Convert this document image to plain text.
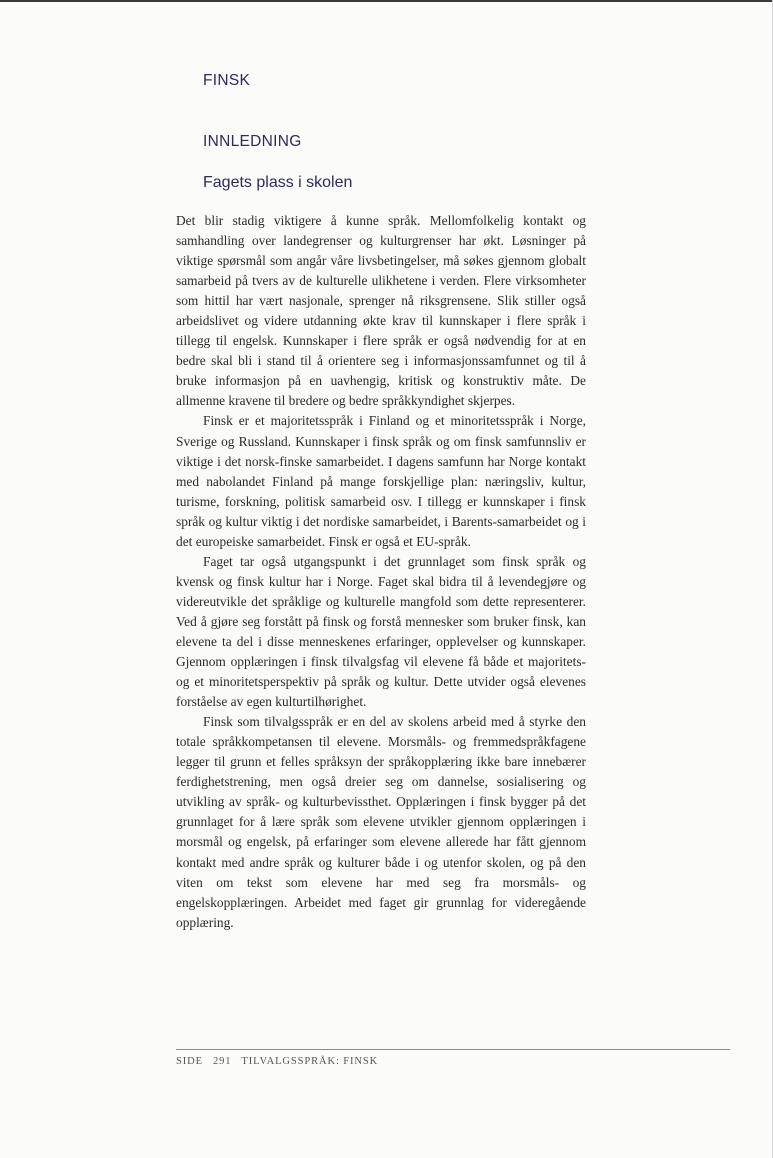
FINSK
INNLEDNING
Fagets plass i skolen

Det blir stadig viktigere å kunne språk. Mellomfolkelig kontakt og samhandling over landegrenser og kulturgrenser har økt. Løsninger på viktige spørsmål som angår våre livsbetingelser, må søkes gjennom globalt samarbeid på tvers av de kulturelle ulikhetene i verden. Flere virksomheter som hittil har vært nasjonale, sprenger nå riksgrensene. Slik stiller også arbeidslivet og videre utdanning økte krav til kunnskaper i flere språk i tillegg til engelsk. Kunnskaper i flere språk er også nødvendig for at en bedre skal bli i stand til å orientere seg i informasjonssamfunnet og til å bruke informasjon på en uavhengig, kritisk og konstruktiv måte. De allmenne kravene til bredere og bedre språkkyndighet skjerpes.

Finsk er et majoritetsspråk i Finland og et minoritetsspråk i Norge, Sverige og Russland. Kunnskaper i finsk språk og om finsk samfunnsliv er viktige i det norsk-finske samarbeidet. I dagens samfunn har Norge kontakt med nabolandet Finland på mange forskjellige plan: næringsliv, kultur, turisme, forskning, politisk samarbeid osv. I tillegg er kunnskaper i finsk språk og kultur viktig i det nordiske samarbeidet, i Barents-samarbeidet og i det europeiske samarbeidet. Finsk er også et EU-språk.

Faget tar også utgangspunkt i det grunnlaget som finsk språk og kvensk og finsk kultur har i Norge. Faget skal bidra til å levendegjøre og videreutvikle det språklige og kulturelle mangfold som dette representerer. Ved å gjøre seg forstått på finsk og forstå mennesker som bruker finsk, kan elevene ta del i disse menneskenes erfaringer, opplevelser og kunnskaper. Gjennom opplæringen i finsk tilvalgsfag vil elevene få både et majoritets- og et minoritetsperspektiv på språk og kultur. Dette utvider også elevenes forståelse av egen kulturtilhørighet.

Finsk som tilvalgsspråk er en del av skolens arbeid med å styrke den totale språkkompetansen til elevene. Morsmåls- og fremmedspråkfagene legger til grunn et felles språksyn der språkopplæring ikke bare innebærer ferdighetstrening, men også dreier seg om dannelse, sosialisering og utvikling av språk- og kulturbevissthet. Opplæringen i finsk bygger på det grunnlaget for å lære språk som elevene utvikler gjennom opplæringen i morsmål og engelsk, på erfaringer som elevene allerede har fått gjennom kontakt med andre språk og kulturer både i og utenfor skolen, og på den viten om tekst som elevene har med seg fra morsmåls- og engelskopplæringen. Arbeidet med faget gir grunnlag for videregående opplæring.

SIDE 291 TILVALGSSPRÅK: FINSK
